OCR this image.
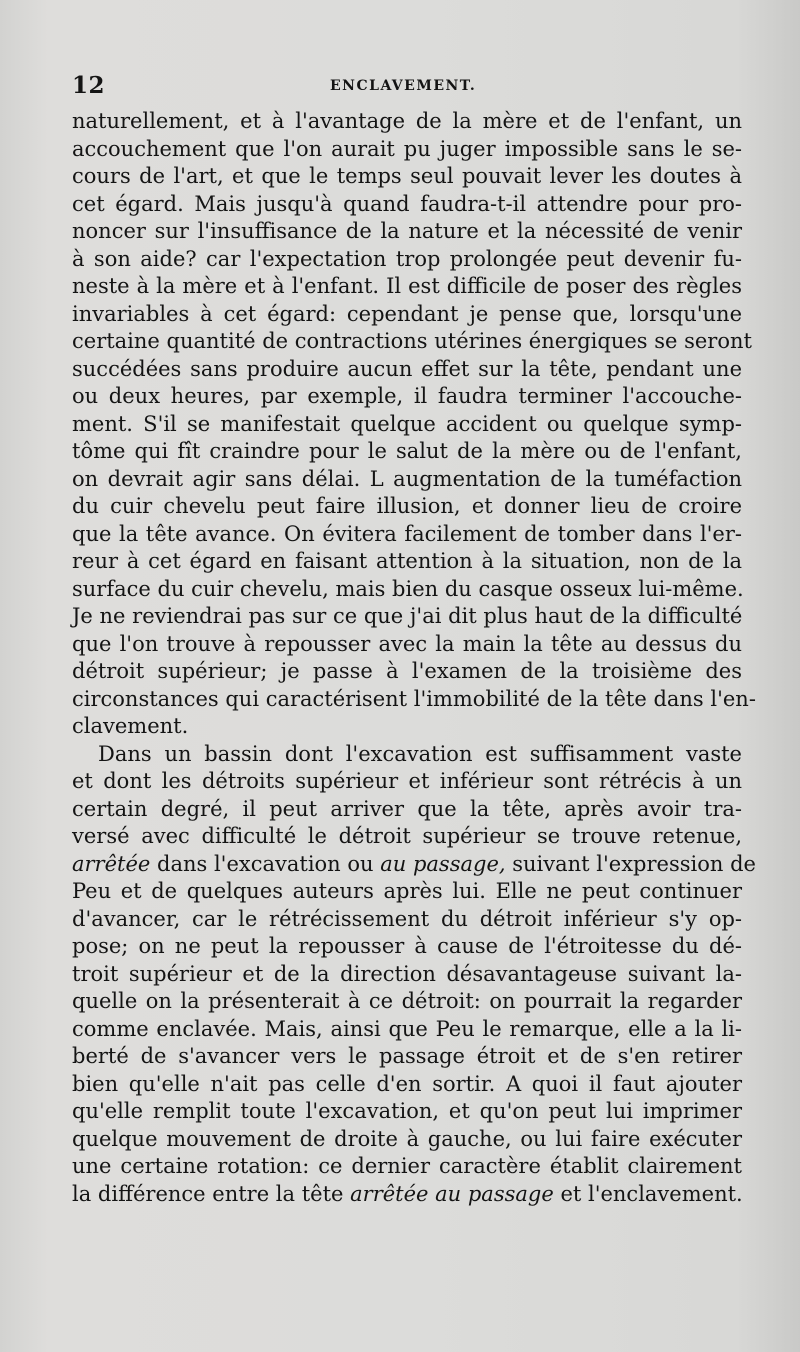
12	ENCLAVEMENT.
naturellement, et à l'avantage de la mère et de l'enfant, un
accouchement que l'on aurait pu juger impossible sans le se-
cours de l'art, et que le temps seul pouvait lever les doutes à
cet égard. Mais jusqu'à quand faudra-t-il attendre pour pro-
noncer sur l'insuffisance de la nature et la nécessité de venir
à son aide? car l'expectation trop prolongée peut devenir fu-
neste à la mère et à l'enfant. Il est difficile de poser des règles
invariables à cet égard: cependant je pense que, lorsqu'une
certaine quantité de contractions utérines énergiques se seront
succédées sans produire aucun effet sur la tête, pendant une
ou deux heures, par exemple, il faudra terminer l'accouche-
ment. S'il se manifestait quelque accident ou quelque symp-
tôme qui fît craindre pour le salut de la mère ou de l'enfant,
on devrait agir sans délai. L augmentation de la tuméfaction
du cuir chevelu peut faire illusion, et donner lieu de croire
que la tête avance. On évitera facilement de tomber dans l'er-
reur à cet égard en faisant attention à la situation, non de la
surface du cuir chevelu, mais bien du casque osseux lui-même.
Je ne reviendrai pas sur ce que j'ai dit plus haut de la difficulté
que l'on trouve à repousser avec la main la tête au dessus du
détroit supérieur; je passe à l'examen de la troisième des
circonstances qui caractérisent l'immobilité de la tête dans l'en-
clavement.
Dans un bassin dont l'excavation est suffisamment vaste
et dont les détroits supérieur et inférieur sont rétrécis à un
certain degré, il peut arriver que la tête, après avoir tra-
versé avec difficulté le détroit supérieur se trouve retenue,
arrêtée dans l'excavation ou au passage, suivant l'expression de
Peu et de quelques auteurs après lui. Elle ne peut continuer
d'avancer, car le rétrécissement du détroit inférieur s'y op-
pose; on ne peut la repousser à cause de l'étroitesse du dé-
troit supérieur et de la direction désavantageuse suivant la-
quelle on la présenterait à ce détroit: on pourrait la regarder
comme enclavée. Mais, ainsi que Peu le remarque, elle a la li-
berté de s'avancer vers le passage étroit et de s'en retirer
bien qu'elle n'ait pas celle d'en sortir. A quoi il faut ajouter
qu'elle remplit toute l'excavation, et qu'on peut lui imprimer
quelque mouvement de droite à gauche, ou lui faire exécuter
une certaine rotation: ce dernier caractère établit clairement
la différence entre la tête arrêtée au passage et l'enclavement.
